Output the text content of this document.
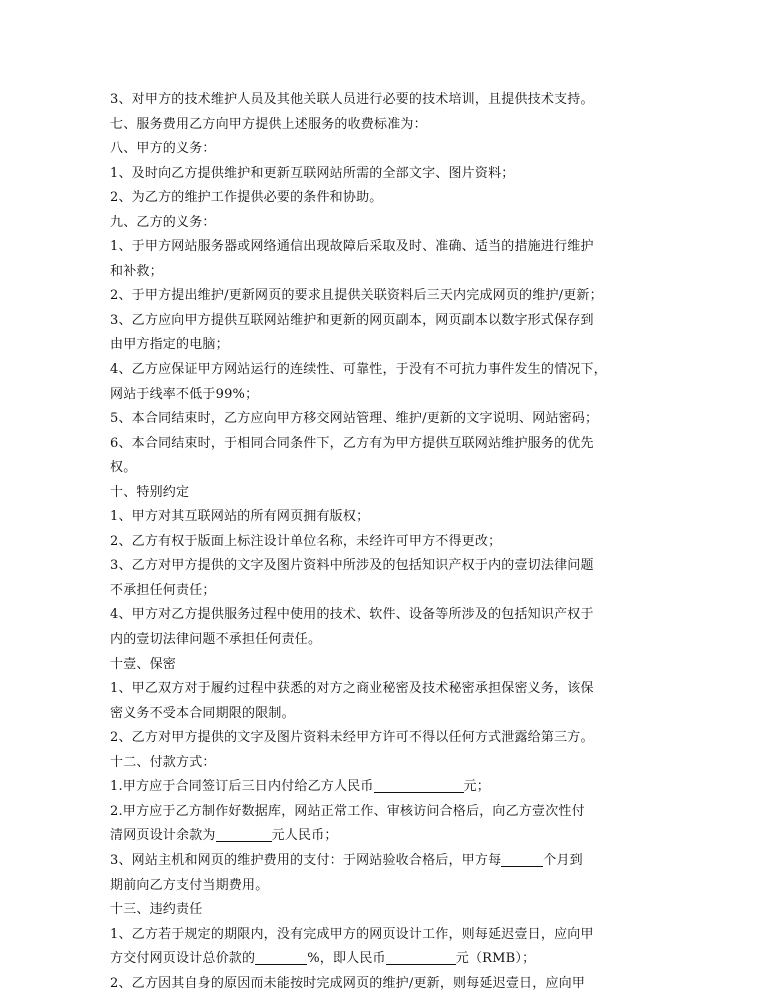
3、对甲方的技术维护人员及其他关联人员进行必要的技术培训，且提供技术支持。
七、服务费用乙方向甲方提供上述服务的收费标准为：
八、甲方的义务：
1、及时向乙方提供维护和更新互联网站所需的全部文字、图片资料；
2、为乙方的维护工作提供必要的条件和协助。
九、乙方的义务：
1、于甲方网站服务器或网络通信出现故障后采取及时、准确、适当的措施进行维护
和补救；
2、于甲方提出维护/更新网页的要求且提供关联资料后三天内完成网页的维护/更新；
3、乙方应向甲方提供互联网站维护和更新的网页副本，网页副本以数字形式保存到
由甲方指定的电脑；
4、乙方应保证甲方网站运行的连续性、可靠性，于没有不可抗力事件发生的情况下，
网站于线率不低于99%；
5、本合同结束时，乙方应向甲方移交网站管理、维护/更新的文字说明、网站密码；
6、本合同结束时，于相同合同条件下，乙方有为甲方提供互联网站维护服务的优先
权。
十、特别约定
1、甲方对其互联网站的所有网页拥有版权；
2、乙方有权于版面上标注设计单位名称，未经许可甲方不得更改；
3、乙方对甲方提供的文字及图片资料中所涉及的包括知识产权于内的壹切法律问题
不承担任何责任；
4、甲方对乙方提供服务过程中使用的技术、软件、设备等所涉及的包括知识产权于
内的壹切法律问题不承担任何责任。
十壹、保密
1、甲乙双方对于履约过程中获悉的对方之商业秘密及技术秘密承担保密义务，该保
密义务不受本合同期限的限制。
2、乙方对甲方提供的文字及图片资料未经甲方许可不得以任何方式泄露给第三方。
十二、付款方式：
1.甲方应于合同签订后三日内付给乙方人民币	元；
2.甲方应于乙方制作好数据库，网站正常工作、审核访问合格后，向乙方壹次性付
清网页设计余款为	元人民币；
3、网站主机和网页的维护费用的支付：于网站验收合格后，甲方每	个月到
期前向乙方支付当期费用。
十三、违约责任
1、乙方若于规定的期限内，没有完成甲方的网页设计工作，则每延迟壹日，应向甲
方交付网页设计总价款的	%，即人民币	元（RMB）；
2、乙方因其自身的原因而未能按时完成网页的维护/更新，则每延迟壹日，应向甲
